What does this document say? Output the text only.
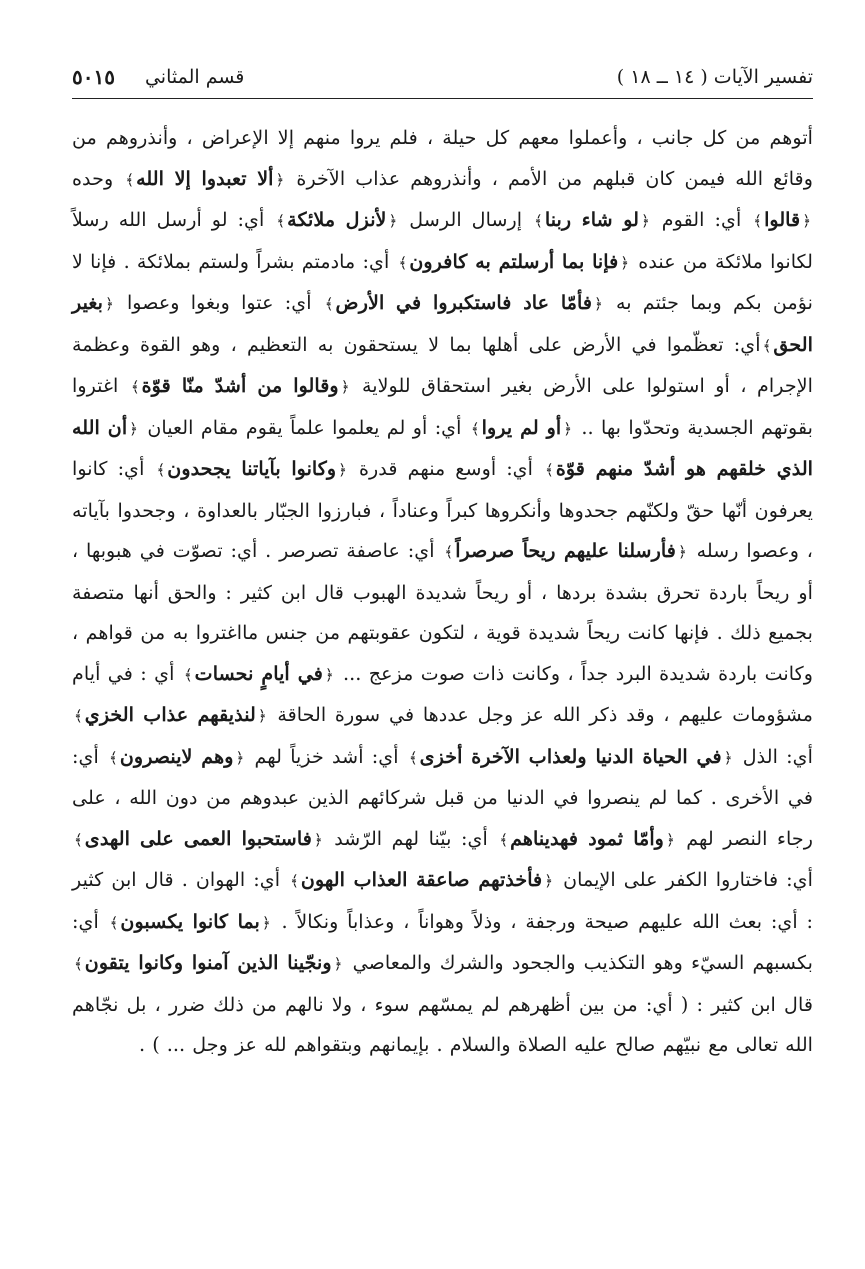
تفسير الآيات ( ١٤ ــ ١٨ )
قسم المثاني
٥٠١٥

أتوهم من كل جانب ، وأعملوا معهم كل حيلة ، فلم يروا منهم إلا الإعراض ، وأنذروهم من وقائع الله فيمن كان قبلهم من الأمم ، وأنذروهم عذاب الآخرة ﴿ألا تعبدوا إلا الله﴾ وحده ﴿قالوا﴾ أي: القوم ﴿لو شاء ربنا﴾ إرسال الرسل ﴿لأنزل ملائكة﴾ أي: لو أرسل الله رسلاً لكانوا ملائكة من عنده ﴿فإنا بما أرسلتم به كافرون﴾ أي: مادمتم بشراً ولستم بملائكة . فإنا لا نؤمن بكم وبما جئتم به ﴿فأمّا عاد فاستكبروا في الأرض﴾ أي: عتوا وبغوا وعصوا ﴿بغير الحق﴾أي: تعظّموا في الأرض على أهلها بما لا يستحقون به التعظيم ، وهو القوة وعظمة الإجرام ، أو استولوا على الأرض بغير استحقاق للولاية ﴿وقالوا من أشدّ منّا قوّة﴾ اغتروا بقوتهم الجسدية وتحدّوا بها .. ﴿أو لم يروا﴾ أي: أو لم يعلموا علماً يقوم مقام العيان ﴿أن الله الذي خلقهم هو أشدّ منهم قوّة﴾ أي: أوسع منهم قدرة ﴿وكانوا بآياتنا يجحدون﴾ أي: كانوا يعرفون أنّها حقّ ولكنّهم جحدوها وأنكروها كبراً وعناداً ، فبارزوا الجبّار بالعداوة ، وجحدوا بآياته ، وعصوا رسله ﴿فأرسلنا عليهم ريحاً صرصراً﴾ أي: عاصفة تصرصر . أي: تصوّت في هبوبها ، أو ريحاً باردة تحرق بشدة بردها ، أو ريحاً شديدة الهبوب قال ابن كثير : والحق أنها متصفة بجميع ذلك . فإنها كانت ريحاً شديدة قوية ، لتكون عقوبتهم من جنس مااغتروا به من قواهم ، وكانت باردة شديدة البرد جداً ، وكانت ذات صوت مزعج ... ﴿في أيامٍ نحسات﴾ أي : في أيام مشؤومات عليهم ، وقد ذكر الله عز وجل عددها في سورة الحاقة ﴿لنذيقهم عذاب الخزي﴾ أي: الذل ﴿في الحياة الدنيا ولعذاب الآخرة أخزى﴾ أي: أشد خزياً لهم ﴿وهم لاينصرون﴾ أي: في الأخرى . كما لم ينصروا في الدنيا من قبل شركائهم الذين عبدوهم من دون الله ، على رجاء النصر لهم ﴿وأمّا ثمود فهديناهم﴾ أي: بيّنا لهم الرّشد ﴿فاستحبوا العمى على الهدى﴾ أي: فاختاروا الكفر على الإيمان ﴿فأخذتهم صاعقة العذاب الهون﴾ أي: الهوان . قال ابن كثير : أي: بعث الله عليهم صيحة ورجفة ، وذلاً وهواناً ، وعذاباً ونكالاً . ﴿بما كانوا يكسبون﴾ أي: بكسبهم السيّء وهو التكذيب والجحود والشرك والمعاصي ﴿ونجّينا الذين آمنوا وكانوا يتقون﴾ قال ابن كثير : ( أي: من بين أظهرهم لم يمسّهم سوء ، ولا نالهم من ذلك ضرر ، بل نجّاهم الله تعالى مع نبيّهم صالح عليه الصلاة والسلام . بإيمانهم وبتقواهم لله عز وجل ... ) .
